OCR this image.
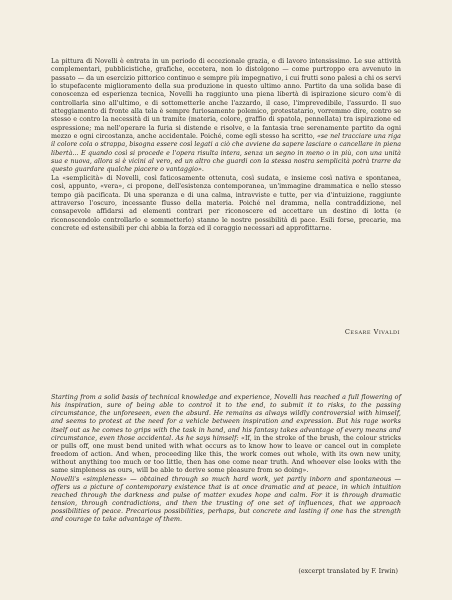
La pittura di Novelli è entrata in un periodo di eccezionale grazia, e di lavoro intensissimo. Le sue attività complementari, pubblicistiche, grafiche, eccetera, non lo distolgono — come purtroppo era avvenuto in passato — da un esercizio pittorico continuo e sempre più impegnativo, i cui frutti sono palesi a chi os servi lo stupefacente miglioramento della sua produzione in questo ultimo anno. Partito da una solida base di conoscenza ed esperienza tecnica, Novelli ha raggiunto una piena libertà di ispirazione sicuro com'è di controllarla sino all'ultimo, e di sottometterle anche l'azzardo, il caso, l'imprevedibile, l'assurdo. Il suo atteggiamento di fronte alla tela è sempre furiosamente polemico, protestatario, vorremmo dire, contro se stesso e contro la necessità di un tramite (materia, colore, graffio di spatola, pennellata) tra ispirazione ed espressione; ma nell'operare la furia si distende e risolve, e la fantasia trae serenamente partito da ogni mezzo e ogni circostanza, anche accidentale. Poiché, come egli stesso ha scritto, «se nel tracciare una riga il colore cola o strappa, bisogna essere così legati a ciò che avviene da sapere lasciare o cancellare in piena libertà... E quando così si procede e l'opera risulta intera, senza un segno in meno o in più, con una unità sua e nuova, allora si è vicini al vero, ed un altro che guardi con la stessa nostra semplicità potrà trarre da questo guardare qualche piacere o vantaggio».

La «semplicità» di Novelli, così faticosamente ottenuta, così sudata, e insieme così nativa e spontanea, così, appunto, «vera», ci propone, dell'esistenza contemporanea, un'immagine drammatica e nello stesso tempo già pacificata. Di una speranza e di una calma, intravviste e tutte, per via d'intuizione, raggiunte attraverso l'oscuro, incessante flusso della materia. Poiché nel dramma, nella contraddizione, nel consapevole affidarsi ad elementi contrari per riconoscere ed accettare un destino di lotta (e riconoscendolo controllarlo e sommetterlo) stanno le nostre possibilità di pace. Esili forse, precarie, ma concrete ed estensibili per chi abbia la forza ed il coraggio necessari ad approfittarne.

Cesare Vivaldi

Starting from a solid basis of technical knowledge and experience, Novelli has reached a full flowering of his inspiration, sure of being able to control it to the end, to submit it to risks, to the passing circumstance, the unforeseen, even the absurd. He remains as always wildly controversial with himself, and seems to protest at the need for a vehicle between inspiration and expression. But his rage works itself out as he comes to grips with the task in hand, and his fantasy takes advantage of every means and circumstance, even those accidental. As he says himself: «If, in the stroke of the brush, the colour stricks or pulls off, one must bend united with what occurs as to know how to leave or cancel out in complete freedom of action. And when, proceeding like this, the work comes out whole, with its own new unity, without anything too much or too little, then has one come near truth. And whoever else looks with the same simpleness as ours, will be able to derive some pleasure from so doing».

Novelli's «simpleness» — obtained through so much hard work, yet partly inborn and spontaneous — offers us a picture of contemporary existence that is at once dramatic and at peace, in which intuition reached through the darkness and pulse of matter exudes hope and calm. For it is through dramatic tension, through contradictions, and then the trusting of one set of influences, that we approach possibilities of peace. Precarious possibilities, perhaps, but concrete and lasting if one has the strength and courage to take advantage of them.

(excerpt translated by F. Irwin)
